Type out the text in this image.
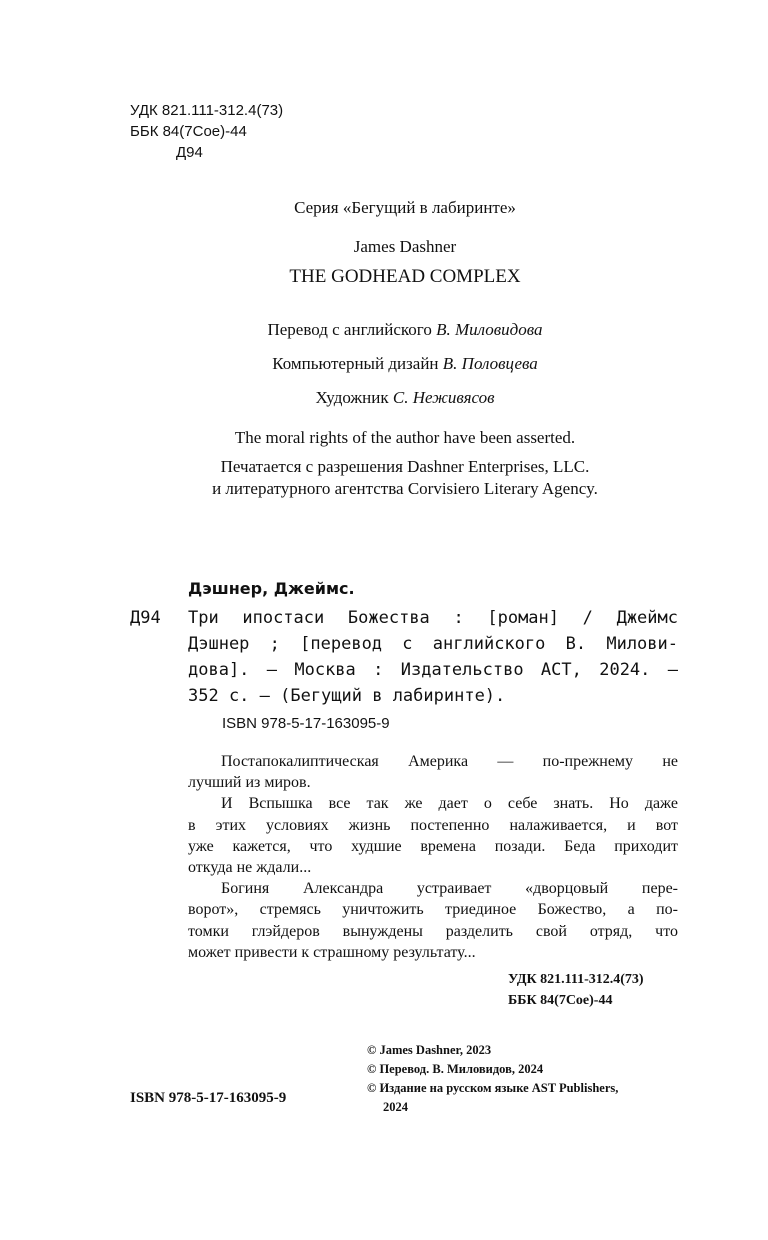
УДК 821.111-312.4(73)
ББК 84(7Сое)-44
Д94
Серия «Бегущий в лабиринте»
James Dashner
THE GODHEAD COMPLEX
Перевод с английского В. Миловидова
Компьютерный дизайн В. Половцева
Художник С. Неживясов
The moral rights of the author have been asserted.
Печатается с разрешения Dashner Enterprises, LLC.
и литературного агентства Corvisiero Literary Agency.
Дэшнер, Джеймс.
Д94 Три ипостаси Божества : [роман] / Джеймс
Дэшнер ; [перевод с английского В. Милови-
дова]. — Москва : Издательство АСТ, 2024. —
352 с. — (Бегущий в лабиринте).
ISBN 978-5-17-163095-9
Постапокалиптическая Америка — по-прежнему не
лучший из миров.
И Вспышка все так же дает о себе знать. Но даже
в этих условиях жизнь постепенно налаживается, и вот
уже кажется, что худшие времена позади. Беда приходит
откуда не ждали...
Богиня Александра устраивает «дворцовый пере-
ворот», стремясь уничтожить триединое Божество, а по-
томки глэйдеров вынуждены разделить свой отряд, что
может привести к страшному результату...
УДК 821.111-312.4(73)
ББК 84(7Сое)-44
© James Dashner, 2023
© Перевод. В. Миловидов, 2024
© Издание на русском языке AST Publishers,
2024
ISBN 978-5-17-163095-9
